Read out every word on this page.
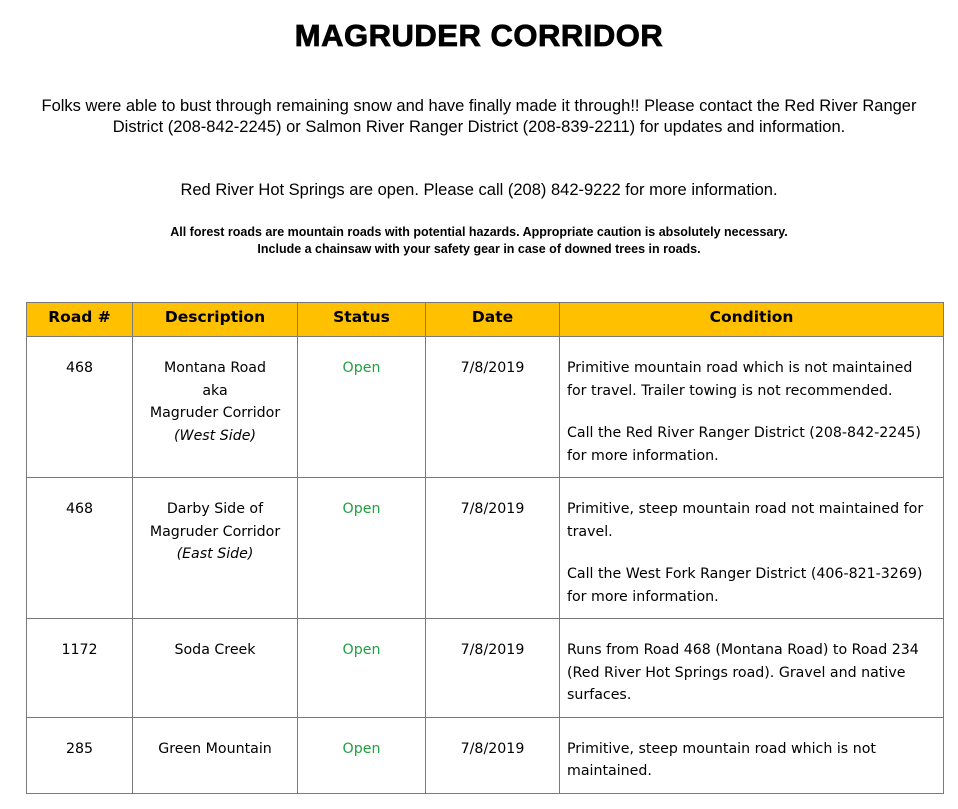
MAGRUDER CORRIDOR
Folks were able to bust through remaining snow and have finally made it through!! Please contact the Red River Ranger District (208-842-2245) or Salmon River Ranger District (208-839-2211) for updates and information.
Red River Hot Springs are open. Please call (208) 842-9222 for more information.
All forest roads are mountain roads with potential hazards. Appropriate caution is absolutely necessary.
Include a chainsaw with your safety gear in case of downed trees in roads.
Road #	Description	Status	Date	Condition
468	Montana Road
aka
Magruder Corridor
(West Side)	Open	7/8/2019	Primitive mountain road which is not maintained for travel. Trailer towing is not recommended.
Call the Red River Ranger District (208-842-2245) for more information.

468	Darby Side of
Magruder Corridor
(East Side)	Open	7/8/2019	Primitive, steep mountain road not maintained for travel.
Call the West Fork Ranger District (406-821-3269) for more information.

1172	Soda Creek	Open	7/8/2019	Runs from Road 468 (Montana Road) to Road 234 (Red River Hot Springs road). Gravel and native surfaces.

285	Green Mountain	Open	7/8/2019	Primitive, steep mountain road which is not maintained.
